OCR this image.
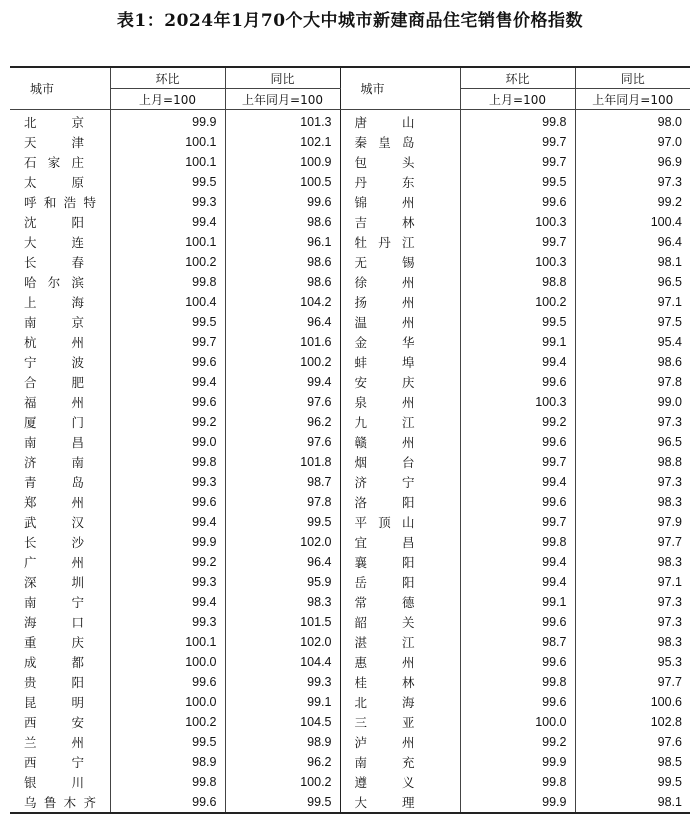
表1：2024年1月70个大中城市新建商品住宅销售价格指数
城市	环比	同比	城市	环比	同比
	上月=100	上年同月=100		上月=100	上年同月=100
北京	99.9	101.3	唐山	99.8	98.0
天津	100.1	102.1	秦皇岛	99.7	97.0
石家庄	100.1	100.9	包头	99.7	96.9
太原	99.5	100.5	丹东	99.5	97.3
呼和浩特	99.3	99.6	锦州	99.6	99.2
沈阳	99.4	98.6	吉林	100.3	100.4
大连	100.1	96.1	牡丹江	99.7	96.4
长春	100.2	98.6	无锡	100.3	98.1
哈尔滨	99.8	98.6	徐州	98.8	96.5
上海	100.4	104.2	扬州	100.2	97.1
南京	99.5	96.4	温州	99.5	97.5
杭州	99.7	101.6	金华	99.1	95.4
宁波	99.6	100.2	蚌埠	99.4	98.6
合肥	99.4	99.4	安庆	99.6	97.8
福州	99.6	97.6	泉州	100.3	99.0
厦门	99.2	96.2	九江	99.2	97.3
南昌	99.0	97.6	赣州	99.6	96.5
济南	99.8	101.8	烟台	99.7	98.8
青岛	99.3	98.7	济宁	99.4	97.3
郑州	99.6	97.8	洛阳	99.6	98.3
武汉	99.4	99.5	平顶山	99.7	97.9
长沙	99.9	102.0	宜昌	99.8	97.7
广州	99.2	96.4	襄阳	99.4	98.3
深圳	99.3	95.9	岳阳	99.4	97.1
南宁	99.4	98.3	常德	99.1	97.3
海口	99.3	101.5	韶关	99.6	97.3
重庆	100.1	102.0	湛江	98.7	98.3
成都	100.0	104.4	惠州	99.6	95.3
贵阳	99.6	99.3	桂林	99.8	97.7
昆明	100.0	99.1	北海	99.6	100.6
西安	100.2	104.5	三亚	100.0	102.8
兰州	99.5	98.9	泸州	99.2	97.6
西宁	98.9	96.2	南充	99.9	98.5
银川	99.8	100.2	遵义	99.8	99.5
乌鲁木齐	99.6	99.5	大理	99.9	98.1
